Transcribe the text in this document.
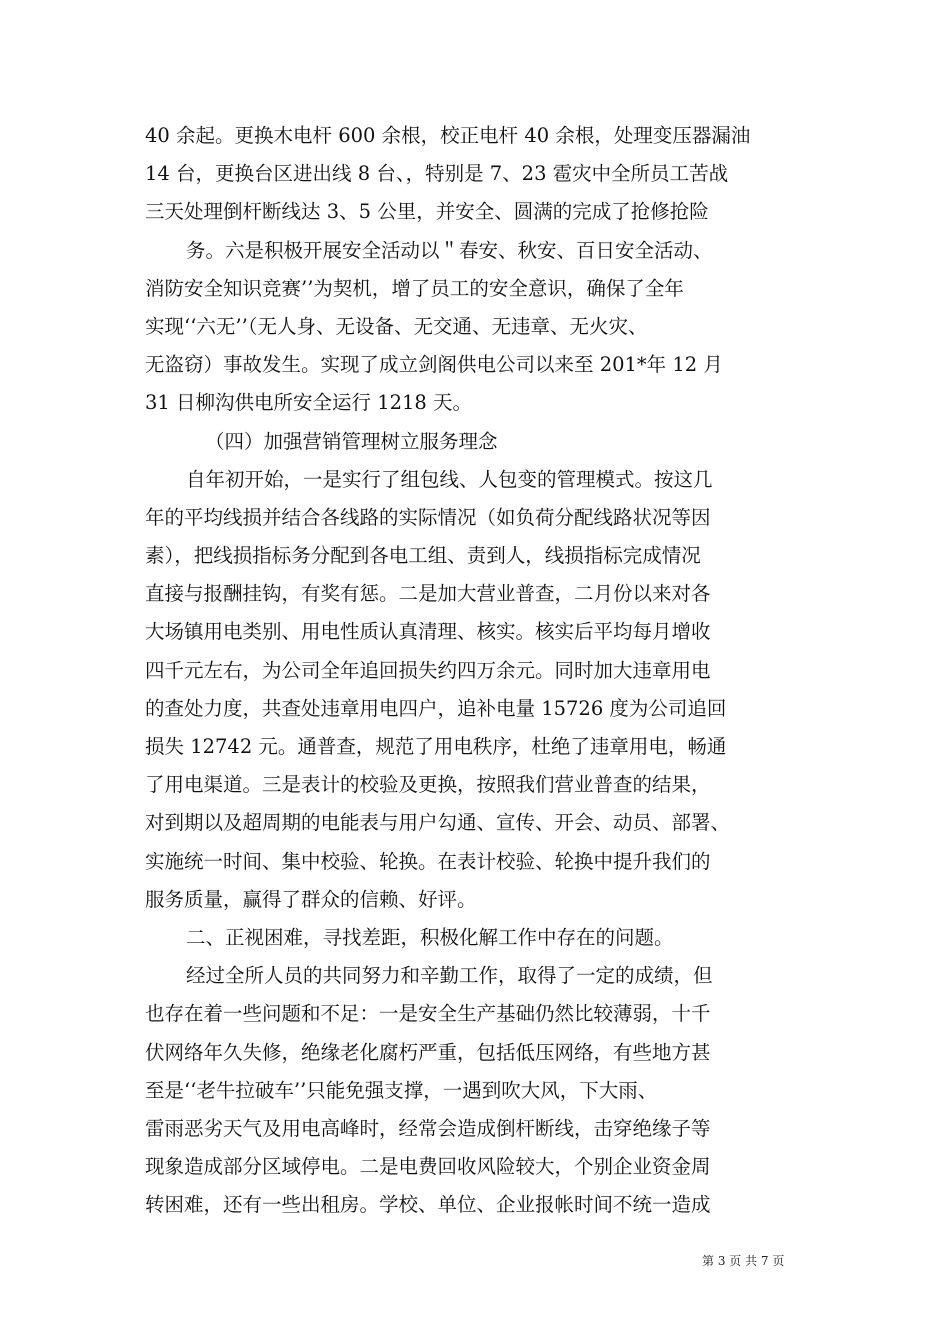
40 余起。更换木电杆 600 余根，校正电杆 40 余根，处理变压器漏油
14 台，更换台区进出线 8 台、，特别是 7、23 雹灾中全所员工苦战
三天处理倒杆断线达 3、5 公里，并安全、圆满的完成了抢修抢险
务。六是积极开展安全活动以＂春安、秋安、百日安全活动、
消防安全知识竞赛’’为契机，增了员工的安全意识，确保了全年
实现‘‘六无’’（无人身、无设备、无交通、无违章、无火灾、
无盗窃）事故发生。实现了成立剑阁供电公司以来至 201*年 12 月
31 日柳沟供电所安全运行 1218 天。
（四）加强营销管理树立服务理念
自年初开始，一是实行了组包线、人包变的管理模式。按这几
年的平均线损并结合各线路的实际情况（如负荷分配线路状况等因
素），把线损指标务分配到各电工组、责到人，线损指标完成情况
直接与报酬挂钩，有奖有惩。二是加大营业普查，二月份以来对各
大场镇用电类别、用电性质认真清理、核实。核实后平均每月增收
四千元左右，为公司全年追回损失约四万余元。同时加大违章用电
的查处力度，共查处违章用电四户，追补电量 15726 度为公司追回
损失 12742 元。通普查，规范了用电秩序，杜绝了违章用电，畅通
了用电渠道。三是表计的校验及更换，按照我们营业普查的结果，
对到期以及超周期的电能表与用户勾通、宣传、开会、动员、部署、
实施统一时间、集中校验、轮换。在表计校验、轮换中提升我们的
服务质量，赢得了群众的信赖、好评。
二、正视困难，寻找差距，积极化解工作中存在的问题。
经过全所人员的共同努力和辛勤工作，取得了一定的成绩，但
也存在着一些问题和不足：一是安全生产基础仍然比较薄弱，十千
伏网络年久失修，绝缘老化腐朽严重，包括低压网络，有些地方甚
至是‘‘老牛拉破车’’只能免强支撑，一遇到吹大风，下大雨、
雷雨恶劣天气及用电高峰时，经常会造成倒杆断线，击穿绝缘子等
现象造成部分区域停电。二是电费回收风险较大，个别企业资金周
转困难，还有一些出租房。学校、单位、企业报帐时间不统一造成
第 3 页 共 7 页
